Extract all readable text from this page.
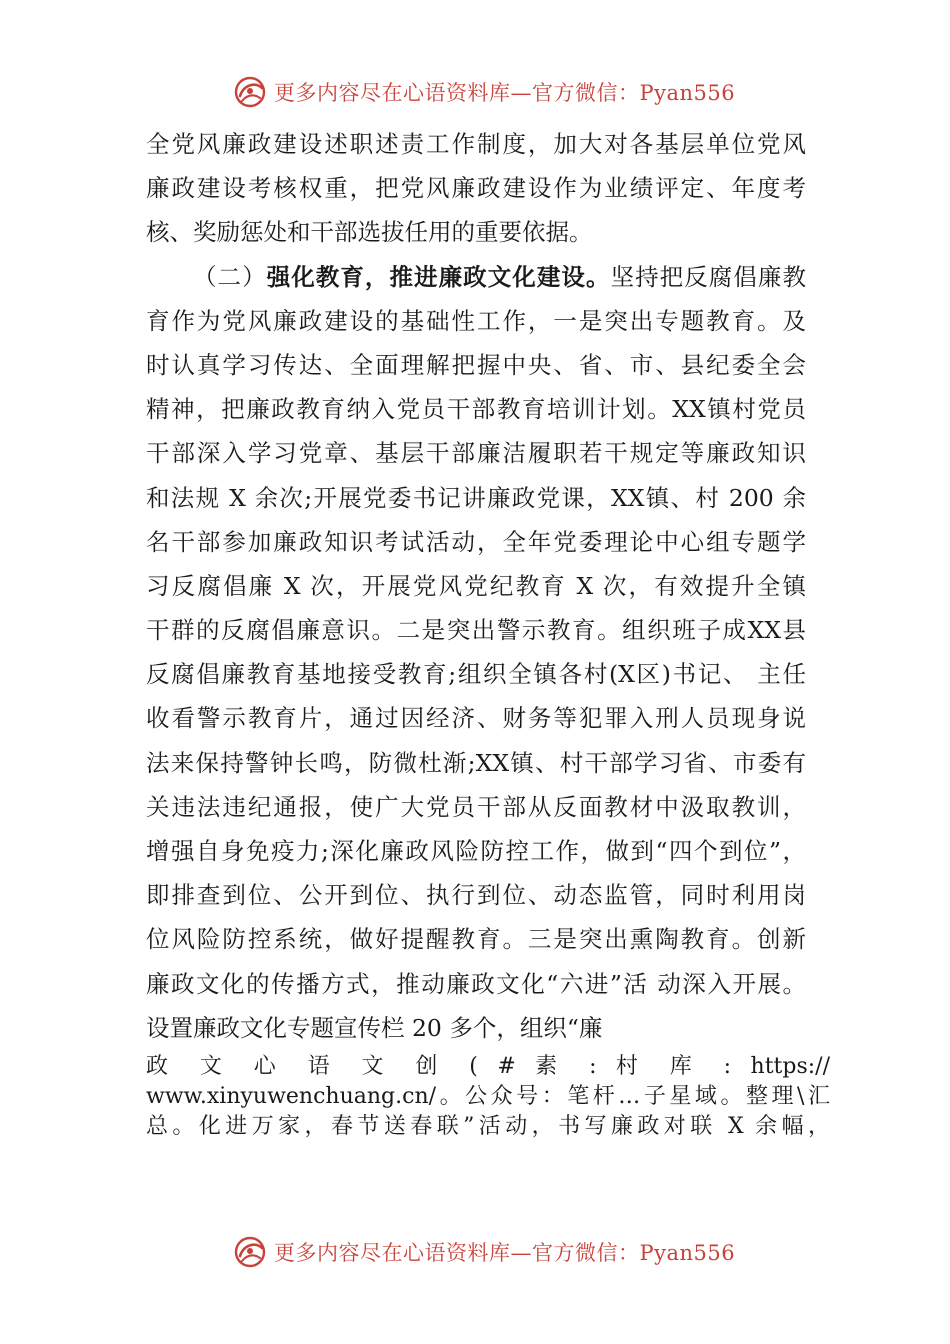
更多内容尽在心语资料库—官方微信：Pyan556
全党风廉政建设述职述责工作制度，加大对各基层单位党风
廉政建设考核权重，把党风廉政建设作为业绩评定、年度考
核、奖励惩处和干部选拔任用的重要依据。
（二）强化教育，推进廉政文化建设。坚持把反腐倡廉教
育作为党风廉政建设的基础性工作，一是突出专题教育。及
时认真学习传达、全面理解把握中央、省、市、县纪委全会
精神，把廉政教育纳入党员干部教育培训计划。XX镇村党员
干部深入学习党章、基层干部廉洁履职若干规定等廉政知识
和法规 X 余次;开展党委书记讲廉政党课，XX镇、村 200 余
名干部参加廉政知识考试活动，全年党委理论中心组专题学
习反腐倡廉 X 次，开展党风党纪教育 X 次，有效提升全镇
干群的反腐倡廉意识。二是突出警示教育。组织班子成XX县
反腐倡廉教育基地接受教育;组织全镇各村(X区)书记、 主任
收看警示教育片，通过因经济、财务等犯罪入刑人员现身说
法来保持警钟长鸣，防微杜渐;XX镇、村干部学习省、市委有
关违法违纪通报，使广大党员干部从反面教材中汲取教训，
增强自身免疫力;深化廉政风险防控工作，做到“四个到位”，
即排查到位、公开到位、执行到位、动态监管，同时利用岗
位风险防控系统，做好提醒教育。三是突出熏陶教育。创新
廉政文化的传播方式，推动廉政文化“六进”活 动深入开展。
设置廉政文化专题宣传栏 20 多个，组织“廉
政 文 心 语 文 创 ( # 素 : 村 库 : https://
www.xinyuwenchuang.cn/。公众号：笔杆…子星域。整理\汇
总。化进万家，春节送春联”活动，书写廉政对联 X 余幅，
更多内容尽在心语资料库—官方微信：Pyan556
